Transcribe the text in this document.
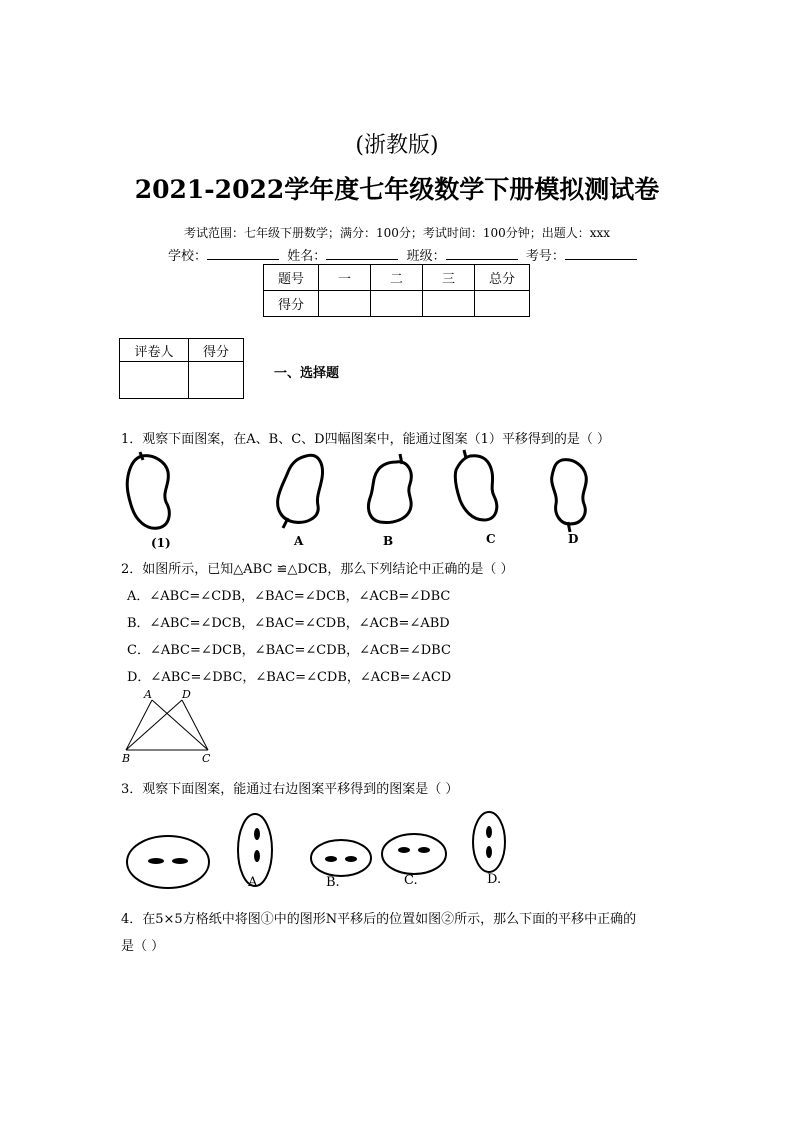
(浙教版)
2021-2022学年度七年级数学下册模拟测试卷
考试范围：七年级下册数学；满分：100分；考试时间：100分钟；出题人：xxx
学校：	姓名：	班级：	考号：
题号	一	二	三	总分
得分				
评卷人	得分

一、选择题
1．观察下面图案，在A、B、C、D四幅图案中，能通过图案（1）平移得到的是（ ）
(1)	A	B	C	D
2．如图所示，已知△ABC ≌△DCB，那么下列结论中正确的是（ ）
A．∠ABC=∠CDB，∠BAC=∠DCB，∠ACB=∠DBC
B．∠ABC=∠DCB，∠BAC=∠CDB，∠ACB=∠ABD
C．∠ABC=∠DCB，∠BAC=∠CDB，∠ACB=∠DBC
D．∠ABC=∠DBC，∠BAC=∠CDB，∠ACB=∠ACD
A	D
B	C
3．观察下面图案，能通过右边图案平移得到的图案是（ ）
A.	B.	C.	D.
4．在5×5方格纸中将图①中的图形N平移后的位置如图②所示，那么下面的平移中正确的
是（ ）
